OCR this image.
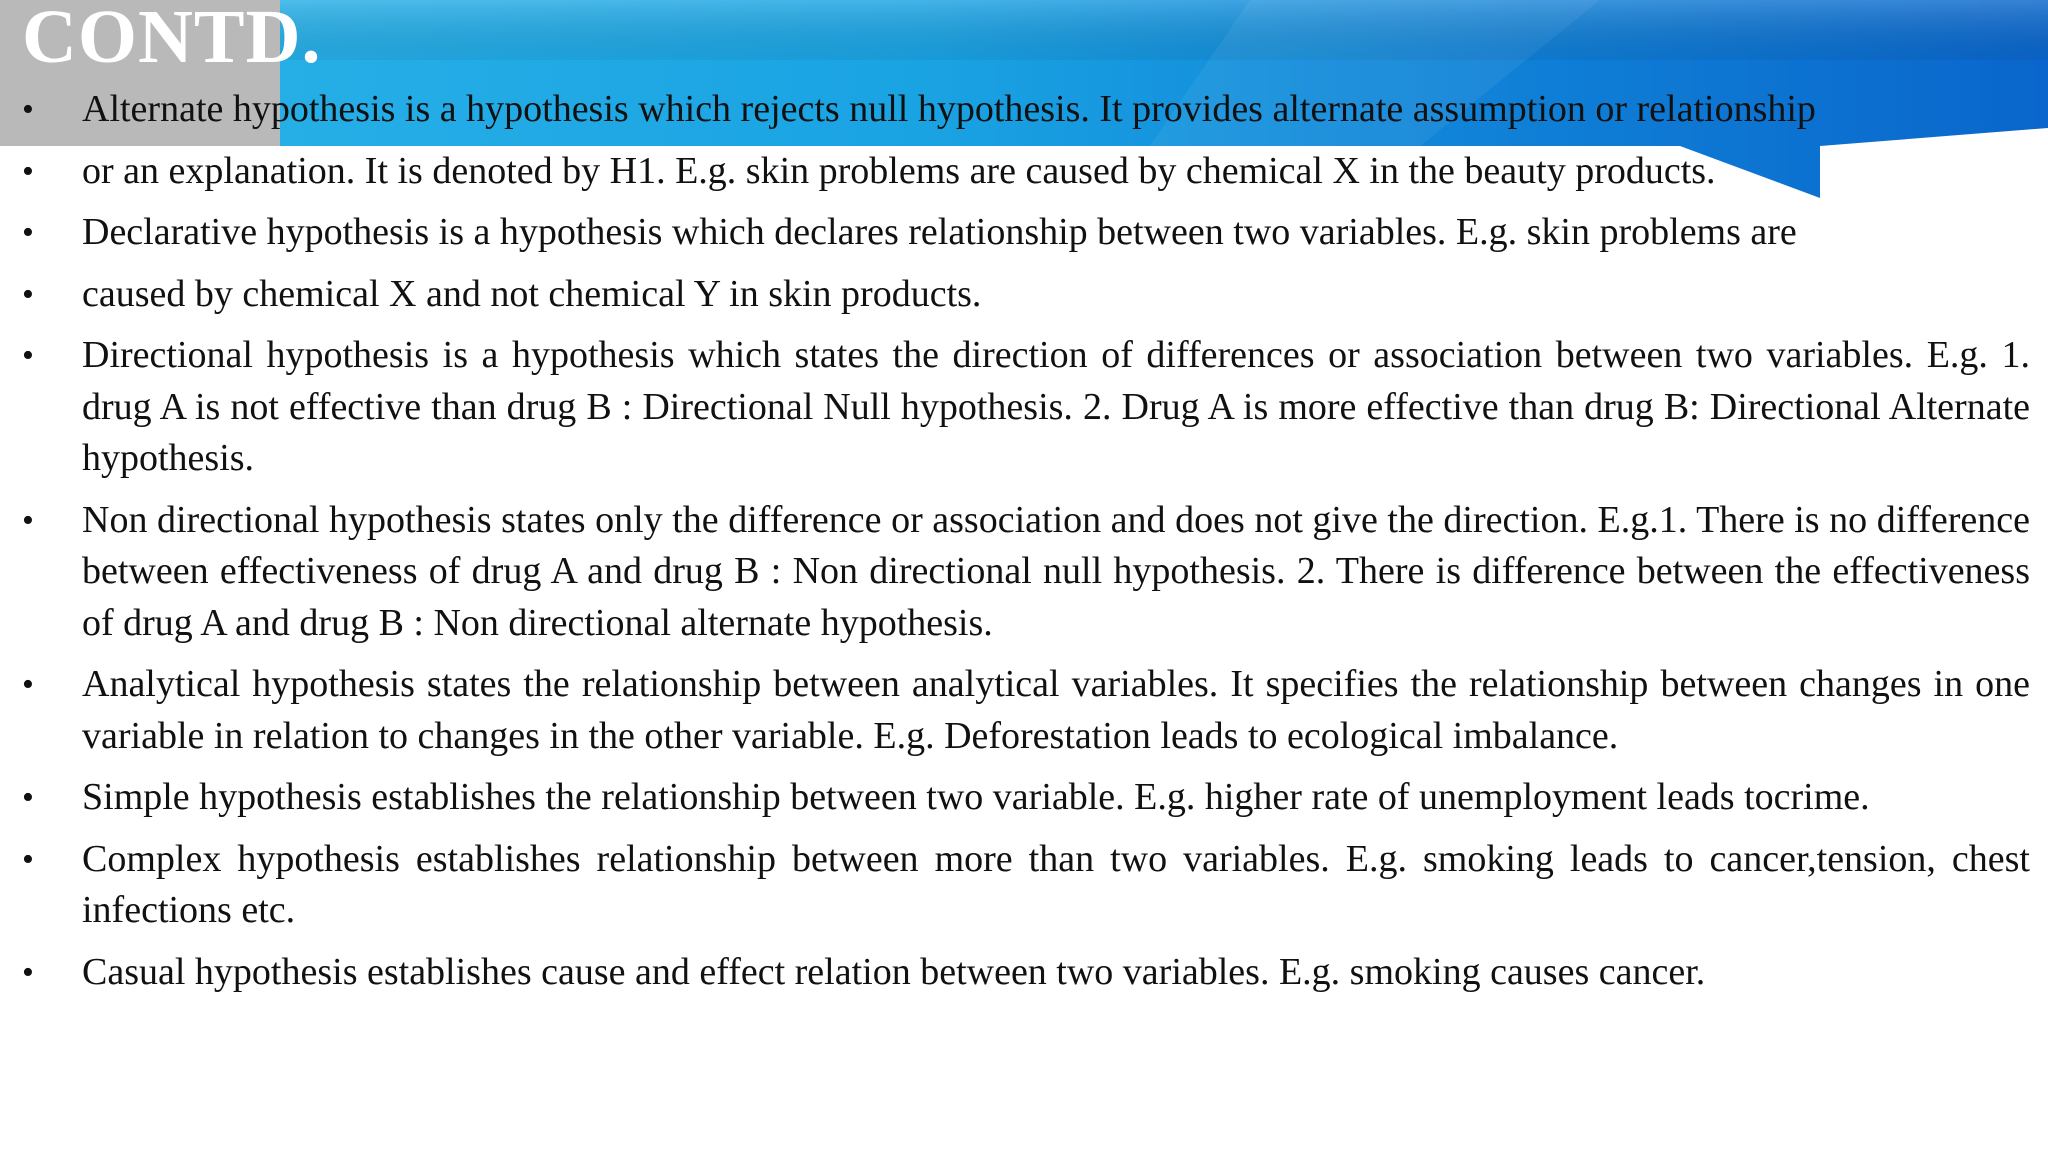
CONTD.
• Alternate hypothesis is a hypothesis which rejects null hypothesis. It provides alternate assumption or relationship
• or an explanation. It is denoted by H1. E.g. skin problems are caused by chemical X in the beauty products.
• Declarative hypothesis is a hypothesis which declares relationship between two variables. E.g. skin problems are
• caused by chemical X and not chemical Y in skin products.
• Directional hypothesis is a hypothesis which states the direction of differences or association between two variables. E.g. 1. drug A is not effective than drug B : Directional Null hypothesis. 2. Drug A is more effective than drug B: Directional Alternate hypothesis.
• Non directional hypothesis states only the difference or association and does not give the direction. E.g.1. There is no difference between effectiveness of drug A and drug B : Non directional null hypothesis. 2. There is difference between the effectiveness of drug A and drug B : Non directional alternate hypothesis.
• Analytical hypothesis states the relationship between analytical variables. It specifies the relationship between changes in one variable in relation to changes in the other variable. E.g. Deforestation leads to ecological imbalance.
• Simple hypothesis establishes the relationship between two variable. E.g. higher rate of unemployment leads tocrime.
• Complex hypothesis establishes relationship between more than two variables. E.g. smoking leads to cancer,tension, chest infections etc.
• Casual hypothesis establishes cause and effect relation between two variables. E.g. smoking causes cancer.
